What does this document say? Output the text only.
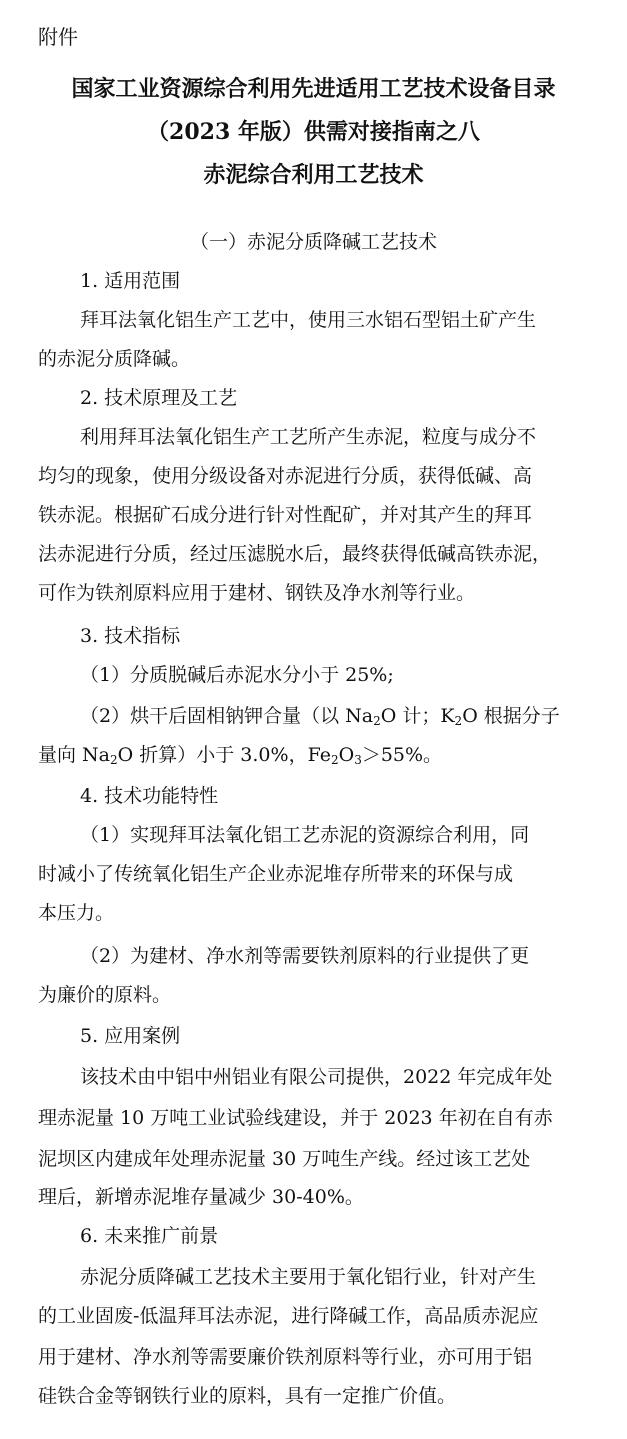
附件
国家工业资源综合利用先进适用工艺技术设备目录
（2023 年版）供需对接指南之八
赤泥综合利用工艺技术
（一）赤泥分质降碱工艺技术
1. 适用范围
拜耳法氧化铝生产工艺中，使用三水铝石型铝土矿产生
的赤泥分质降碱。
2. 技术原理及工艺
利用拜耳法氧化铝生产工艺所产生赤泥，粒度与成分不
均匀的现象，使用分级设备对赤泥进行分质，获得低碱、高
铁赤泥。根据矿石成分进行针对性配矿，并对其产生的拜耳
法赤泥进行分质，经过压滤脱水后，最终获得低碱高铁赤泥，
可作为铁剂原料应用于建材、钢铁及净水剂等行业。
3. 技术指标
（1）分质脱碱后赤泥水分小于 25%;
（2）烘干后固相钠钾合量（以 $Na_2O$ 计；$K_2O$ 根据分子
量向 $Na_2O$ 折算）小于 3.0%，$Fe_2O_3>55\%$。
4. 技术功能特性
（1）实现拜耳法氧化铝工艺赤泥的资源综合利用，同
时减小了传统氧化铝生产企业赤泥堆存所带来的环保与成
本压力。
（2）为建材、净水剂等需要铁剂原料的行业提供了更
为廉价的原料。
5. 应用案例
该技术由中铝中州铝业有限公司提供，2022 年完成年处
理赤泥量 10 万吨工业试验线建设，并于 2023 年初在自有赤
泥坝区内建成年处理赤泥量 30 万吨生产线。经过该工艺处
理后，新增赤泥堆存量减少 30-40%。
6. 未来推广前景
赤泥分质降碱工艺技术主要用于氧化铝行业，针对产生
的工业固废-低温拜耳法赤泥，进行降碱工作，高品质赤泥应
用于建材、净水剂等需要廉价铁剂原料等行业，亦可用于铝
硅铁合金等钢铁行业的原料，具有一定推广价值。
